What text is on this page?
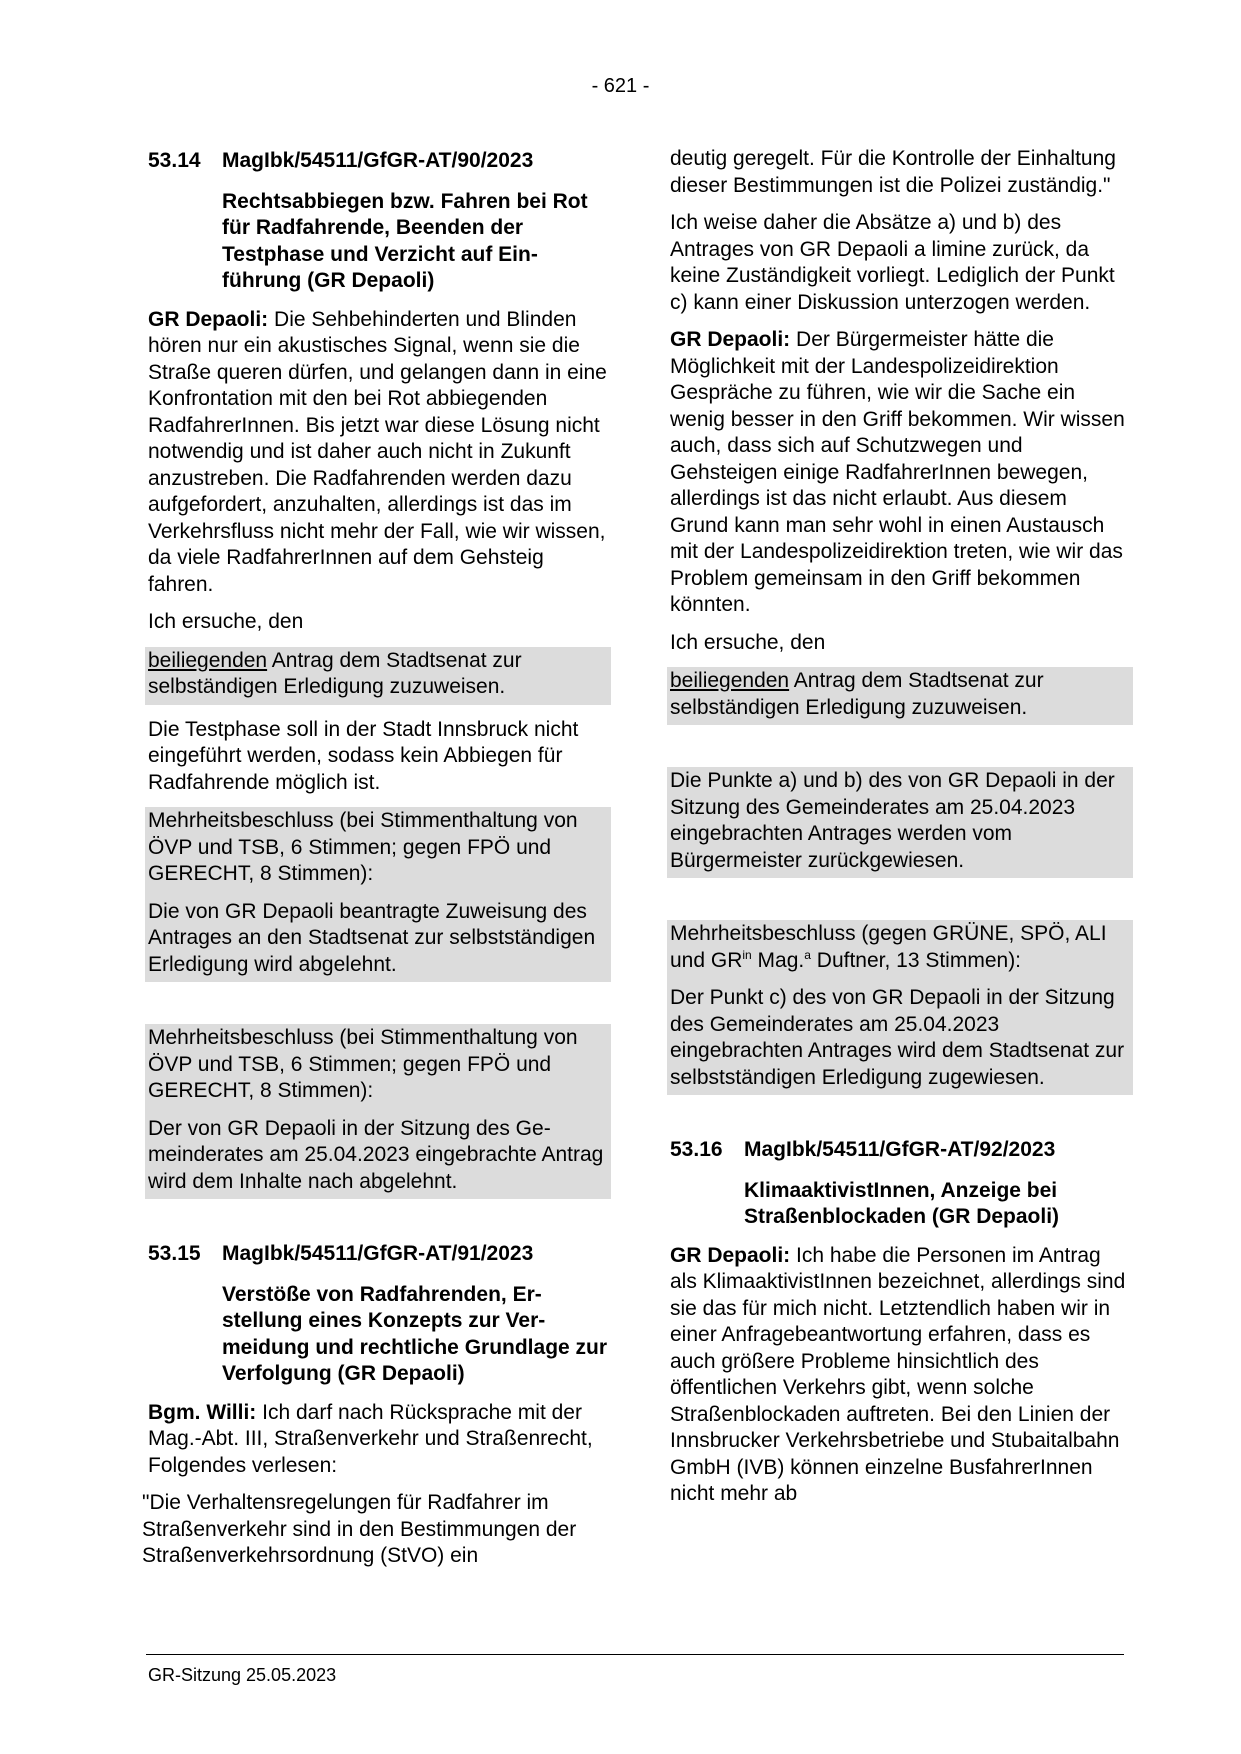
- 621 -
53.14	MagIbk/54511/GfGR-AT/90/2023
Rechtsabbiegen bzw. Fahren bei Rot für Radfahrende, Beenden der Testphase und Verzicht auf Einführung (GR Depaoli)

GR Depaoli: Die Sehbehinderten und Blinden hören nur ein akustisches Signal, wenn sie die Straße queren dürfen, und gelangen dann in eine Konfrontation mit den bei Rot abbiegenden RadfahrerInnen. Bis jetzt war diese Lösung nicht notwendig und ist daher auch nicht in Zukunft anzustreben. Die Radfahrenden werden dazu aufgefordert, anzuhalten, allerdings ist das im Verkehrsfluss nicht mehr der Fall, wie wir wissen, da viele RadfahrerInnen auf dem Gehsteig fahren.

Ich ersuche, den

beiliegenden Antrag dem Stadtsenat zur selbständigen Erledigung zuzuweisen.

Die Testphase soll in der Stadt Innsbruck nicht eingeführt werden, sodass kein Abbiegen für Radfahrende möglich ist.

Mehrheitsbeschluss (bei Stimmenthaltung von ÖVP und TSB, 6 Stimmen; gegen FPÖ und GERECHT, 8 Stimmen):

Die von GR Depaoli beantragte Zuweisung des Antrages an den Stadtsenat zur selbstständigen Erledigung wird abgelehnt.

Mehrheitsbeschluss (bei Stimmenthaltung von ÖVP und TSB, 6 Stimmen; gegen FPÖ und GERECHT, 8 Stimmen):

Der von GR Depaoli in der Sitzung des Gemeinderates am 25.04.2023 eingebrachte Antrag wird dem Inhalte nach abgelehnt.

53.15	MagIbk/54511/GfGR-AT/91/2023
Verstöße von Radfahrenden, Erstellung eines Konzepts zur Vermeidung und rechtliche Grundlage zur Verfolgung (GR Depaoli)

Bgm. Willi: Ich darf nach Rücksprache mit der Mag.-Abt. III, Straßenverkehr und Straßenrecht, Folgendes verlesen:

"Die Verhaltensregelungen für Radfahrer im Straßenverkehr sind in den Bestimmungen der Straßenverkehrsordnung (StVO) ein

deutig geregelt. Für die Kontrolle der Einhaltung dieser Bestimmungen ist die Polizei zuständig."

Ich weise daher die Absätze a) und b) des Antrages von GR Depaoli a limine zurück, da keine Zuständigkeit vorliegt. Lediglich der Punkt c) kann einer Diskussion unterzogen werden.

GR Depaoli: Der Bürgermeister hätte die Möglichkeit mit der Landespolizeidirektion Gespräche zu führen, wie wir die Sache ein wenig besser in den Griff bekommen. Wir wissen auch, dass sich auf Schutzwegen und Gehsteigen einige RadfahrerInnen bewegen, allerdings ist das nicht erlaubt. Aus diesem Grund kann man sehr wohl in einen Austausch mit der Landespolizeidirektion treten, wie wir das Problem gemeinsam in den Griff bekommen könnten.

Ich ersuche, den

beiliegenden Antrag dem Stadtsenat zur selbständigen Erledigung zuzuweisen.

Die Punkte a) und b) des von GR Depaoli in der Sitzung des Gemeinderates am 25.04.2023 eingebrachten Antrages werden vom Bürgermeister zurückgewiesen.

Mehrheitsbeschluss (gegen GRÜNE, SPÖ, ALI und $GR^{in}$ Mag.$^a$ Duftner, 13 Stimmen):

Der Punkt c) des von GR Depaoli in der Sitzung des Gemeinderates am 25.04.2023 eingebrachten Antrages wird dem Stadtsenat zur selbstständigen Erledigung zugewiesen.

53.16	MagIbk/54511/GfGR-AT/92/2023
KlimaaktivistInnen, Anzeige bei Straßenblockaden (GR Depaoli)

GR Depaoli: Ich habe die Personen im Antrag als KlimaaktivistInnen bezeichnet, allerdings sind sie das für mich nicht. Letztendlich haben wir in einer Anfragebeantwortung erfahren, dass es auch größere Probleme hinsichtlich des öffentlichen Verkehrs gibt, wenn solche Straßenblockaden auftreten. Bei den Linien der Innsbrucker Verkehrsbetriebe und Stubaitalbahn GmbH (IVB) können einzelne BusfahrerInnen nicht mehr ab

GR-Sitzung 25.05.2023
